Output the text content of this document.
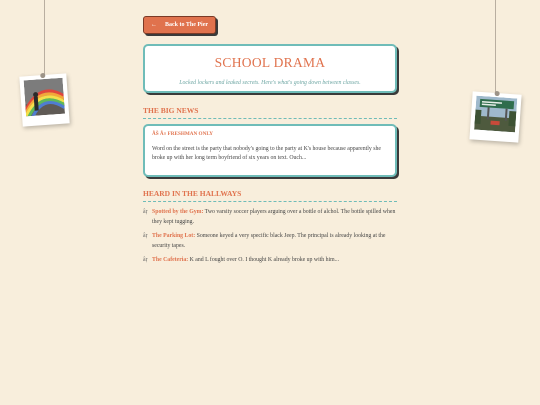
← Back to The Pier
SCHOOL DRAMA

Locked lockers and leaked secrets. Here's what's going down between classes.

THE BIG NEWS
ÃŠ Ã¤ FRESHMAN ONLY
Word on the street is the party that nobody's going to the party at K's house because apparently she broke up with her long term boyfriend of six years on text. Ouch...
HEARD IN THE HALLWAYS
âŗ Spotted by the Gym: Two varsity soccer players arguing over a bottle of alchol. The bottle spilled when they kept tugging.
âŗ The Parking Lot: Someone keyed a very specific black Jeep. The principal is already looking at the security tapes.
âŗ The Cafeteria: K and L fought over O. I thought K already broke up with him...
